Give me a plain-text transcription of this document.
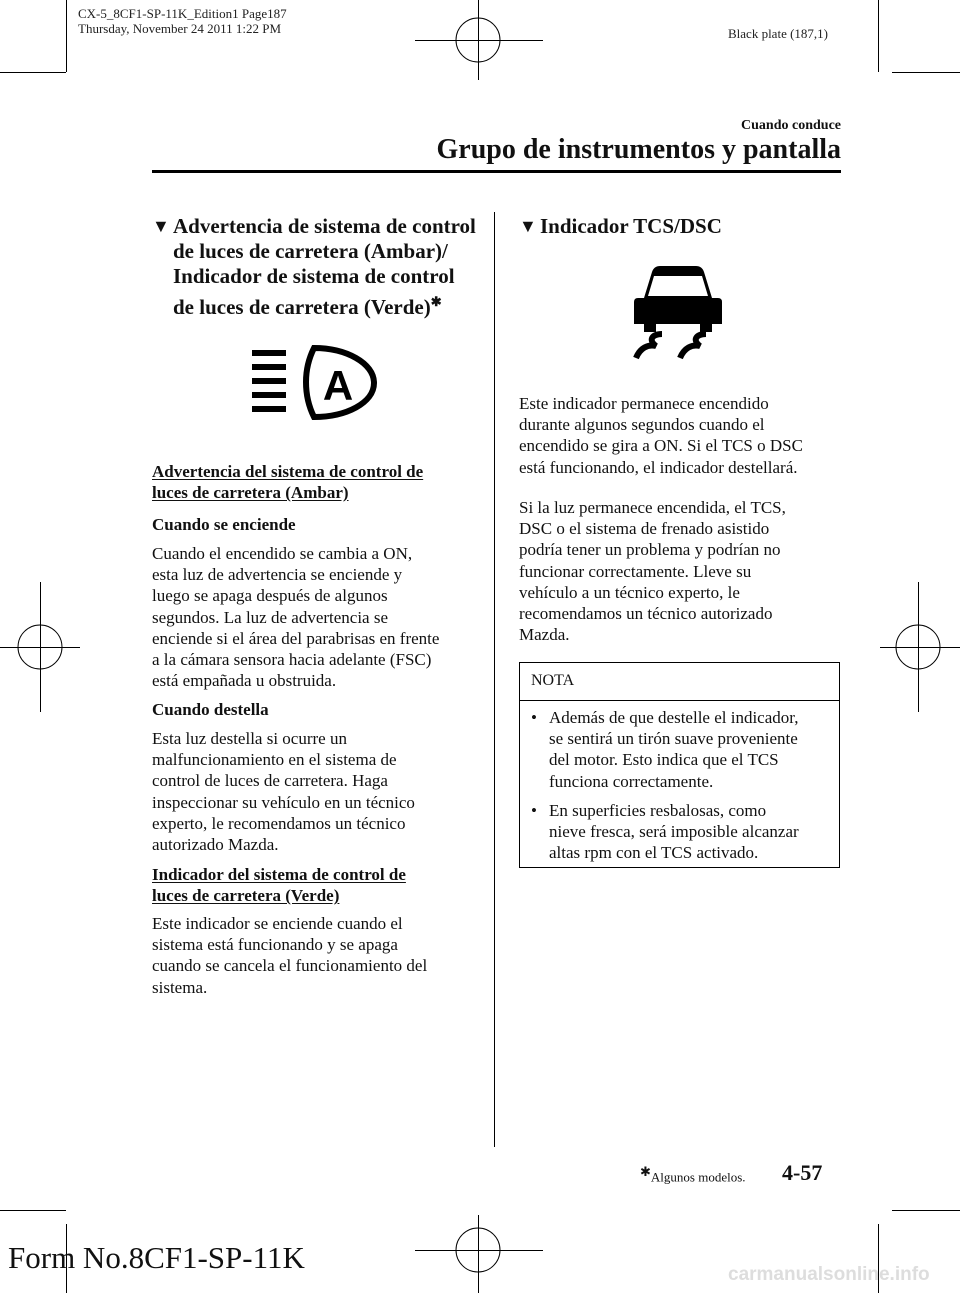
CX-5_8CF1-SP-11K_Edition1 Page187
Thursday, November 24 2011 1:22 PM	Black plate (187,1)
Cuando conduce
Grupo de instrumentos y pantalla
▼ Advertencia de sistema de control
de luces de carretera (Ambar)/
Indicador de sistema de control
de luces de carretera (Verde)✱
A
Advertencia del sistema de control de
luces de carretera (Ambar)
Cuando se enciende
Cuando el encendido se cambia a ON,
esta luz de advertencia se enciende y
luego se apaga después de algunos
segundos. La luz de advertencia se
enciende si el área del parabrisas en frente
a la cámara sensora hacia adelante (FSC)
está empañada u obstruida.
Cuando destella
Esta luz destella si ocurre un
malfuncionamiento en el sistema de
control de luces de carretera. Haga
inspeccionar su vehículo en un técnico
experto, le recomendamos un técnico
autorizado Mazda.
Indicador del sistema de control de
luces de carretera (Verde)
Este indicador se enciende cuando el
sistema está funcionando y se apaga
cuando se cancela el funcionamiento del
sistema.
▼ Indicador TCS/DSC
Este indicador permanece encendido
durante algunos segundos cuando el
encendido se gira a ON. Si el TCS o DSC
está funcionando, el indicador destellará.
Si la luz permanece encendida, el TCS,
DSC o el sistema de frenado asistido
podría tener un problema y podrían no
funcionar correctamente. Lleve su
vehículo a un técnico experto, le
recomendamos un técnico autorizado
Mazda.
NOTA
• Además de que destelle el indicador,
se sentirá un tirón suave proveniente
del motor. Esto indica que el TCS
funciona correctamente.
• En superficies resbalosas, como
nieve fresca, será imposible alcanzar
altas rpm con el TCS activado.
✱Algunos modelos. 4-57
Form No.8CF1-SP-11K	carmanualsonline.info
